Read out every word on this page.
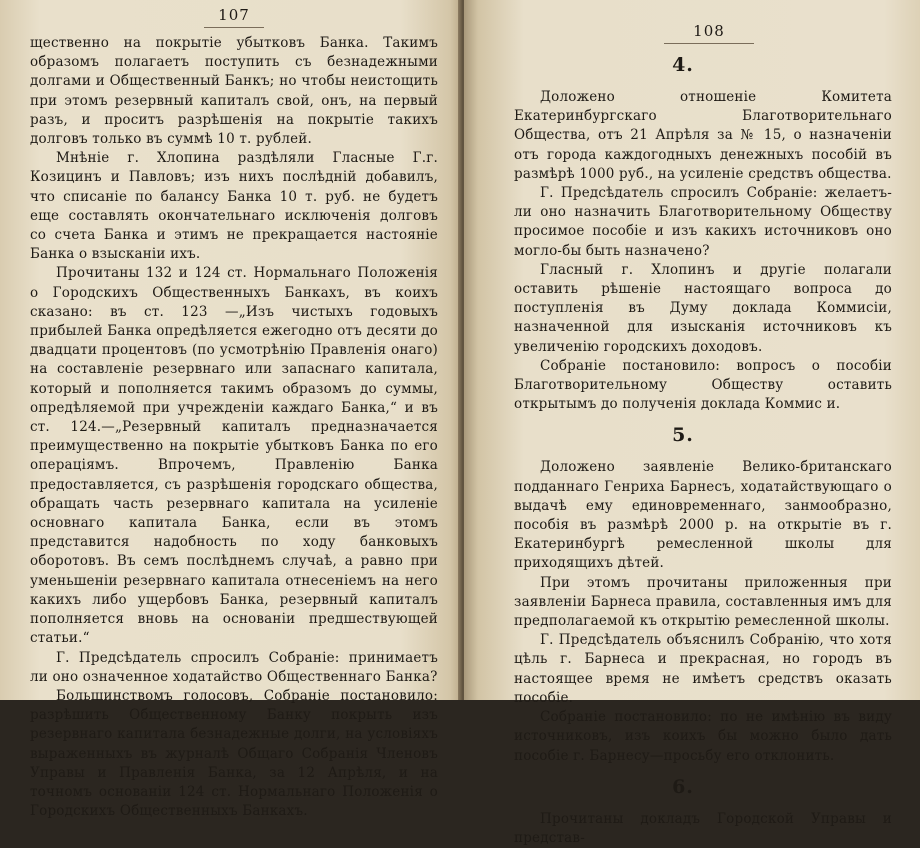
107

щественно на покрытіе убытковъ Банка. Такимъ образомъ полагаетъ поступить съ безнадежными долгами и Общественный Банкъ; но чтобы неистощить при этомъ резервный капиталъ свой, онъ, на первый разъ, и проситъ разрѣшенія на покрытіе такихъ долговъ только въ суммѣ 10 т. рублей.

Мнѣніе г. Хлопина раздѣляли Гласные Г.г. Козицинъ и Павловъ; изъ нихъ послѣдній добавилъ, что списаніе по балансу Банка 10 т. руб. не будетъ еще составлять окончательнаго исключенія долговъ со счета Банка и этимъ не прекращается настояніе Банка о взысканіи ихъ.

Прочитаны 132 и 124 ст. Нормальнаго Положенія о Городскихъ Общественныхъ Банкахъ, въ коихъ сказано: въ ст. 123 —„Изъ чистыхъ годовыхъ прибылей Банка опредѣляется ежегодно отъ десяти до двадцати процентовъ (по усмотрѣнію Правленія онаго) на составленіе резервнаго или запаснаго капитала, который и пополняется такимъ образомъ до суммы, опредѣляемой при учрежденіи каждаго Банка,“ и въ ст. 124.—„Резервный капиталъ предназначается преимущественно на покрытіе убытковъ Банка по его операціямъ. Впрочемъ, Правленію Банка предоставляется, съ разрѣшенія городскаго общества, обращать часть резервнаго капитала на усиленіе основнаго капитала Банка, если въ этомъ представится надобность по ходу банковыхъ оборотовъ. Въ семъ послѣднемъ случаѣ, а равно при уменьшеніи резервнаго капитала отнесеніемъ на него какихъ либо ущербовъ Банка, резервный капиталъ пополняется вновь на основаніи предшествующей статьи.“

Г. Предсѣдатель спросилъ Собраніе: принимаетъ ли оно означенное ходатайство Общественнаго Банка?

Большинствомъ голосовъ, Собраніе постановило: разрѣшить Общественному Банку покрыть изъ резервнаго капитала безнадежные долги, на условіяхъ выраженныхъ въ журналѣ Общаго Собранія Членовъ Управы и Правленія Банка, за 12 Апрѣля, и на точномъ основаніи 124 ст. Нормальнаго Положенія о Городскихъ Общественныхъ Банкахъ.

108
4.

Доложено отношеніе Комитета Екатеринбургскаго Благотворительнаго Общества, отъ 21 Апрѣля за № 15, о назначеніи отъ города каждогодныхъ денежныхъ пособій въ размѣрѣ 1000 руб., на усиленіе средствъ общества.

Г. Предсѣдатель спросилъ Собраніе: желаетъ-ли оно назначить Благотворительному Обществу просимое пособіе и изъ какихъ источниковъ оно могло-бы быть назначено?

Гласный г. Хлопинъ и другіе полагали оставить рѣшеніе настоящаго вопроса до поступленія въ Думу доклада Коммисіи, назначенной для изысканія источниковъ къ увеличенію городскихъ доходовъ.

Собраніе постановило: вопросъ о пособіи Благотворительному Обществу оставить открытымъ до полученія доклада Коммис и.

5.

Доложено заявленіе Велико-британскаго подданнаго Генриха Барнесъ, ходатайствующаго о выдачѣ ему единовременнаго, занмообразно, пособія въ размѣрѣ 2000 р. на открытіе въ г. Екатеринбургѣ ремесленной школы для приходящихъ дѣтей.

При этомъ прочитаны приложенныя при заявленіи Барнеса правила, составленныя имъ для предполагаемой къ открытію ремесленной школы.

Г. Предсѣдатель объяснилъ Собранію, что хотя цѣль г. Барнеса и прекрасная, но городъ въ настоящее время не имѣетъ средствъ оказать пособіе.

Собраніе постановило: по не имѣнію въ виду источниковъ, изъ коихъ бы можно было дать пособіе г. Барнесу—просьбу его отклонить.

6.

Прочитаны докладъ Городской Управы и представ-
